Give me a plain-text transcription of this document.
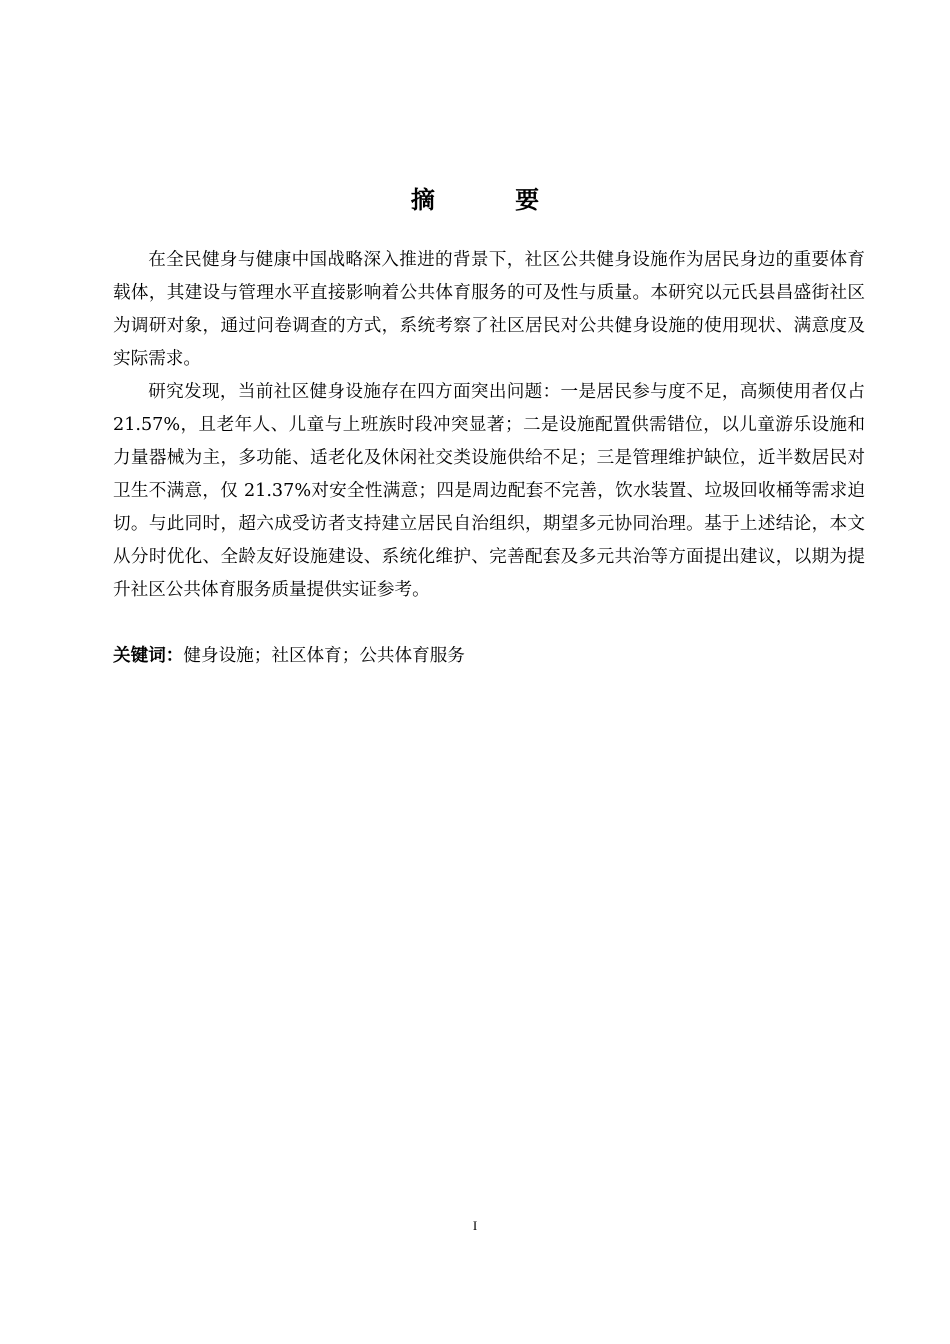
摘 要

在全民健身与健康中国战略深入推进的背景下，社区公共健身设施作为居民身边的重要体育载体，其建设与管理水平直接影响着公共体育服务的可及性与质量。本研究以元氏县昌盛街社区为调研对象，通过问卷调查的方式，系统考察了社区居民对公共健身设施的使用现状、满意度及实际需求。

研究发现，当前社区健身设施存在四方面突出问题：一是居民参与度不足，高频使用者仅占 21.57%，且老年人、儿童与上班族时段冲突显著；二是设施配置供需错位，以儿童游乐设施和力量器械为主，多功能、适老化及休闲社交类设施供给不足；三是管理维护缺位，近半数居民对卫生不满意，仅 21.37%对安全性满意；四是周边配套不完善，饮水装置、垃圾回收桶等需求迫切。与此同时，超六成受访者支持建立居民自治组织，期望多元协同治理。基于上述结论，本文从分时优化、全龄友好设施建设、系统化维护、完善配套及多元共治等方面提出建议，以期为提升社区公共体育服务质量提供实证参考。

关键词：健身设施；社区体育；公共体育服务
I
